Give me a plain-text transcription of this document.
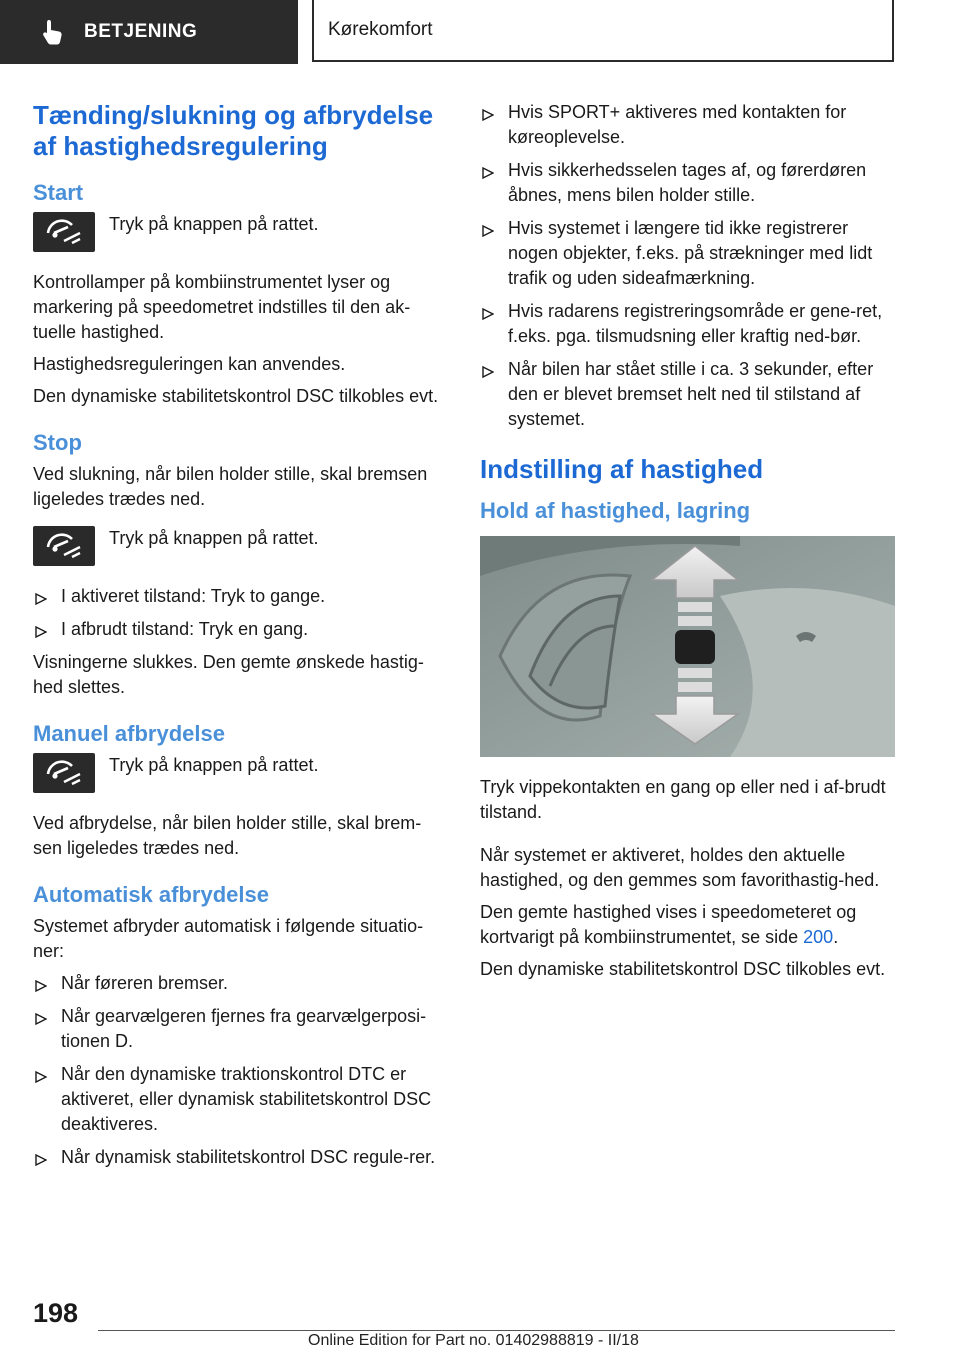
BETJENING	Kørekomfort
Tænding/slukning og afbrydelse af hastighedsregulering
Start

Tryk på knappen på rattet.

Kontrollamper på kombiinstrumentet lyser og markering på speedometret indstilles til den ak‐tuelle hastighed.

Hastighedsreguleringen kan anvendes.

Den dynamiske stabilitetskontrol DSC tilkobles evt.

Stop

Ved slukning, når bilen holder stille, skal bremsen ligeledes trædes ned.

Tryk på knappen på rattet.

I aktiveret tilstand: Tryk to gange.
I afbrudt tilstand: Tryk en gang.

Visningerne slukkes. Den gemte ønskede hastig‐hed slettes.

Manuel afbrydelse

Tryk på knappen på rattet.

Ved afbrydelse, når bilen holder stille, skal brem‐sen ligeledes trædes ned.

Automatisk afbrydelse

Systemet afbryder automatisk i følgende situatio‐ner:

Når føreren bremser.
Når gearvælgeren fjernes fra gearvælgerposi‐tionen D.
Når den dynamiske traktionskontrol DTC er aktiveret, eller dynamisk stabilitetskontrol DSC deaktiveres.
Når dynamisk stabilitetskontrol DSC regule‐rer.
Hvis SPORT+ aktiveres med kontakten for køreoplevelse.
Hvis sikkerhedsselen tages af, og førerdøren åbnes, mens bilen holder stille.
Hvis systemet i længere tid ikke registrerer nogen objekter, f.eks. på strækninger med lidt trafik og uden sideafmærkning.
Hvis radarens registreringsområde er gene‐ret, f.eks. pga. tilsmudsning eller kraftig ned‐bør.
Når bilen har stået stille i ca. 3 sekunder, efter den er blevet bremset helt ned til stilstand af systemet.
Indstilling af hastighed
Hold af hastighed, lagring

Tryk vippekontakten en gang op eller ned i af‐brudt tilstand.

Når systemet er aktiveret, holdes den aktuelle hastighed, og den gemmes som favorithastig‐hed.

Den gemte hastighed vises i speedometeret og kortvarigt på kombiinstrumentet, se side 200.

Den dynamiske stabilitetskontrol DSC tilkobles evt.

198
Online Edition for Part no. 01402988819 - II/18
